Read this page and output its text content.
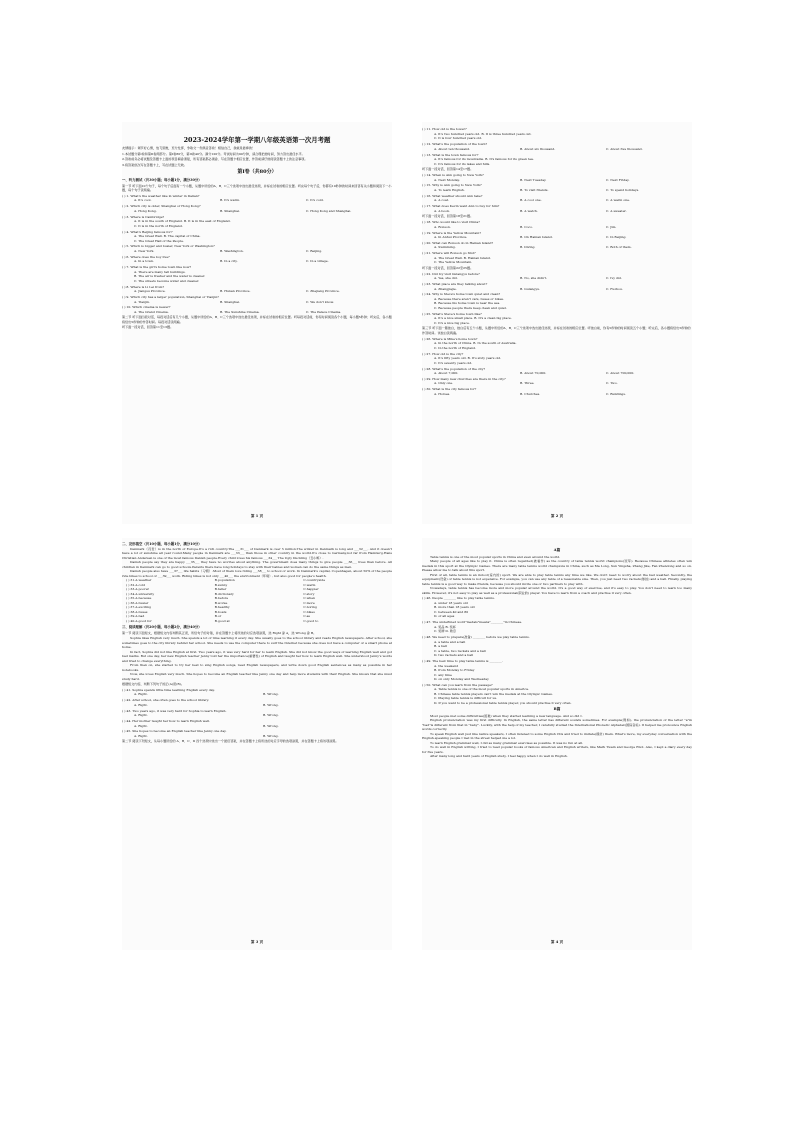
2023-2024学年第一学期八年级英语第一次月考题
友情提示：调节好心情，放飞思维，充分发挥，争取交一份满意答卷！相信自己，我就是最棒的！
1.本试题分第I卷和第II卷两部分。第I卷80分，第II卷40分。满分120分。考试时间为90分钟，请合理把控时间，努力答出最佳水平。
2.答卷前务必将试题及答题卡上面的项目填涂清楚，所有答案都必须涂、写在答题卡相应位置，作答前请仔细阅读答题卡上的注意事项。
3.将答案依次写在答题卡上，写在试题上无效。
第I卷（共80分）
一、听力测试（共30小题；每小题1分，满分30分）
第一节 听下面10个句子，每个句子后面有一个小题，从题中所给的A、B、C三个选项中选出最佳选项，并标在试卷的相应位置。听完每个句子后，你都有10秒钟的时间来回答有关小题和阅读下一小题，每个句子读两遍。
( ) 1. What's the weather like in winter in Dalian?
A. It's cool.	B. It's warm.	C. It's cold.
( ) 2. Which city is older, Shanghai or Hong Kong?
A. Hong Kong.	B. Shanghai.	C. Hong Kong and Shanghai.
( ) 3. Where is Cambridge?
A. It is in the south of England. B. It is in the east of England.
C. It is in the north of England.
( ) 4. What's Beijing famous for?
A. The Great Wall. B. The capital of China.
C. The Great Hall of the People.
( ) 5. Which is bigger and busier, New York or Washington?
A. New York.	B. Washington.	C. Beijing.
( ) 6. Where does the boy live?
A. In a town.	B. In a city.	C. In a village.
( ) 7. What is the girl's home town like now?
A. There are many tall buildings.
B. The air is fresher and the water is cleaner.
C. The streets become wider and cleaner.
( ) 8. Where is Li Lei from?
A. Jiangsu Province.	B. Hunan Province.	C. Zhejiang Province.
( ) 9. Which city has a larger population, Shanghai or Tianjin?
A. Tianjin.	B. Shanghai.	C. We don't know.
( ) 10. Which cinema is newer?
A. The Grand Cinema.	B. The Sunshine Cinema.	C. The Palace Cinema.
第二节 听下面四段对话，每段对话后有几个小题，从题中所给的A、B、C三个选项中选出最佳选项，并标在试卷的相应位置。听每段对话前，你有时间阅读各个小题，每小题5秒钟；听完后，各小题将给出5秒钟的作答时间。每段对话读两遍。
听下面一段对话，回答第11至13题。
第 1 页
( ) 11. How old is the tower?
A. It's two hundred years old. B. It is three hundred years old.
C. It is four hundred years old.
( ) 12. What's the population of the town?
A. About ten thousand.	B. About six thousand.	C. About five thousand.
( ) 13. What is the town famous for?
A. It's famous for its mountains. B. It's famous for its green tea.
C. It's famous for its lakes and hills.
听下面一段对话，回答第14至17题。
( ) 14. When is Ann going to New York?
A. Next Monday.	B. Next Tuesday.	C. Next Friday.
( ) 15. Why is Ann going to New York?
A. To learn English.	B. To visit friends.	C. To spend holidays.
( ) 16. What weather should Ann take?
A. A coat.	B. A cool one.	C. A warm one.
( ) 17. What does Kevin want Ann to buy for him?
A. A book.	B. A watch.	C. A sweater.
听下面一段对话，回答第18至21题。
( ) 18. Who would like to visit China?
A. Ronson.	B. Coco.	C. Jim.
( ) 19. Where is the Yellow Mountain?
A. In Anhui Province.	B. On Hainan Island.	C. In Beijing.
( ) 20. What can Ronson do in Hainan Island?
A. Swimming.	B. Diving.	C. Both of them.
( ) 21. Where will Ronson go first?
A. The Great Wall. B. Hainan Island.
C. The Yellow Mountain.
听下面一段对话，回答第22至25题。
( ) 22. Did Ivy visit Gulangyu before?
A. Yes, she did.	B. No, she didn't.	C. Ivy did.
( ) 23. What place are they talking about?
A. Zhangjiajie.	B. Gulangyu.	C. Fuzhou.
( ) 24. Why is Steve's home town quiet and clean?
A. Because there aren't cars, buses or bikes.
B. Because his home town is near the sea.
C. Because people there keep clean and quiet.
( ) 25. What's Steve's home town like?
A. It's a nice small place. B. It's a clean big place.
C. It's a nice big place.
第三节 听下面一篇独白，独白后有五个小题，从题中所给的A、B、C三个选项中选出最佳选项，并标在试卷的相应位置。听独白前，你有5秒钟的时间阅读五个小题；听完后，各小题将给出5秒钟的作答时间。该独白读两遍。
( ) 26. Where is Mike's home town?
A. In the north of China. B. In the south of Australia.
C. In the north of England.
( ) 27. How old is the city?
A. It's fifty years old. B. It's sixty years old.
C. It's seventy years old.
( ) 28. What's the population of the city?
A. About 7,000.	B. About 70,000.	C. About 700,000.
( ) 29. How many new churches are there in the city?
A. Only one.	B. Three.	C. Two.
( ) 30. What is the city famous for?
A. Horses.	B. Churches.	C. Buildings.
第 2 页
二、完形填空（共10小题，每小题1分，满分10分）
Denmark（丹麦）is in the north of Europe.It's a rich country.The ___31___ of Denmark is over 5 million.The winter in Denmark is long and ___32___. And it doesn't have a lot of sunshine all year round.Many people in Denmark are ___33___ than those in other country in the world.It's close to Germany,not far from Hamburg.Hans Christian Andersen is one of the most famous Danish people.Every child loves his famous ___34___ The Ugly Duckling（丑小鸭）.
Danish people say they are happy ___35___ they have no worries about anything. The government does many things to give people ___36___ lives than before. All children in Denmark can go to good schools.Parents there have long holidays to stay with their babies and women can do the same things as men.
Danish people also have ___37___ life habits（习惯）.Most of them love riding ___38___ to school or work. In Denmark's capital, Copenhagen, about 50% of the people ride bikes to school or ___39___ work. Riding bikes is not only ___40___ the environment（环境）, but also good for people's health.
( ) 31.A.weather	B.population	C.countryside
( ) 32.A.cold	B.sunny	C.warm
( ) 33.A.poorer	B.taller	C.happier
( ) 34.A.university	B.dictionary	C.story
( ) 35.A.because	B.before	C.when
( ) 36.A.busier	B.worse	C.more
( ) 37.A.exciting	B.healthy	C.boring
( ) 38.A.buses	B.boats	C.bikes
( ) 39.A.bad	B.or	C.as
( ) 40.A.good for	B.good at	C.good to
三、阅读理解（共20小题，每小题2分，满分40分）
第一节 阅读下面短文，根据短文内容判断其正误，所给句子的对错，并在答题卡上将所选的对应选项涂黑，选 Right 涂 A，选 Wrong 涂 B。
Sophia likes English very much. She spends a lot of time learning it every day. She usually goes to the school library and reads English newspapers. After school, she sometimes goes to the city library behind her school. She needs to use the computer there to surf the Internet because she does not have a computer or a smart phone at home.
In fact, Sophia did not like English at first. Two years ago, it was very hard for her to learn English. She did not know the good ways of learning English well and got bad marks. But one day, her new English teacher Jenny told her the importance(重要性) of English and taught her how to learn English well. She understood Jenny's words and tried to change everything.
From then on, she started to try her best to sing English songs, read English newspapers, and write down good English sentences as many as possible in her notebooks.
Now, she loves English very much. She hopes to become an English teacher like Jenny one day and help more students with their English. She knows that she must study hard.
根据短文内容，判断下列句子的正(A)误(B)。
( ) 41. Sophia spends little time learning English every day.
A. Right.	B. Wrong.
( ) 42. After school, she often goes to the school library.
A. Right.	B. Wrong.
( ) 43. Two years ago, it was very hard for Sophia to learn English.
A. Right.	B. Wrong.
( ) 44. Her mother taught her how to learn English well.
A. Right.	B. Wrong.
( ) 45. She hopes to become an English teacher like Jenny one day.
A. Right.	B. Wrong.
第二节 阅读下列短文，从每小题所给的 A、B、C、D 四个选项中选出一个最佳答案，并在答题卡上将所选的对应字母的选项涂黑，并在答题卡上将该项涂黑。
第 3 页
A篇
Table tennis is one of the most popular sports in China and even around the world.
Many people of all ages like to play it. China is often regarded(被看作) as the country of table tennis world champions(冠军). Because Chinese athletes often win medals in this sport at the Olympic Games. There are many table tennis world champions in China, such as Ma Long, Sun Yingsha, Zhang Jike, Fan Zhendong and so on. Please allow me to talk about this sport.
First of all, table tennis is an indoor(室内的) sport. We are able to play table tennis any time we like. We don't need to worry about the bad weather. Secondly, the equipment(设备) of table tennis is not expensive. For example, you can use any table of a reasonable size. Then, you just need two rackets(球拍) and a ball. Finally, playing table tennis is a good way to make friends, because you should invite one or two partners to play with.
Nowadays, table tennis has become more and more popular around the world. It's a good way of exercise, and it's easy to play. You don't need to learn too many skills. However, it's not easy to play as well as a professional(职业的) player. You have to learn from a coach and practise it very often.
( ) 46. People ________ like to play table tennis.
A. under 18 years old
B. more than 18 years old
C. between 40 and 80
D. of all ages
( ) 47. The underlined word"medals"means"________"in Chinese.
A. 奖品 B. 奖杯
C. 奖牌 D. 勋章
( ) 48. We need to prepare(准备) ________ before we play table tennis.
A. a table and a ball
B. a ball
C. a table, two rackets and a ball
D. two rackets and a ball
( ) 49. The best time to play table tennis is ________.
A. the weekend
B. from Monday to Friday
C. any time
D. on only Monday and Wednesday
( ) 50. What can you learn from the passage?
A. Table tennis is one of the most popular sports in America.
B. Chinese table tennis players can't win the medals at the Olympic Games.
C. Playing table tennis is difficult for us.
D. If you want to be a professional table tennis player, you should practise it very often.
B篇
Most people met some difficulties(困难) when they started learning a new language. And so did I.
English pronunciation was my first difficulty. In English, the same letter has different sounds sometimes. For example(例如), the pronunciation of the letter "a"in "bad"is different from that in "baby". Luckily, with the help of my teacher, I carefully studied the International Phonetic Alphabet(国际音标). It helped me pronounce English words correctly.
To speak English well just like native speakers, I often listened to some English CDs and tried to imitate(模仿) them. What's more, my everyday conversation with the English-speaking people I met in the street helped me a lot.
To learn English grammar well, I did as many grammar exercises as possible. It was no fun at all.
To do well in English writing, I tried to read popular books of famous American and English writers, like Mark Twain and George Eliot. Also, I kept a diary every day for five years.
After many long and hard years of English study, I feel happy when I do well in English.
第 4 页
